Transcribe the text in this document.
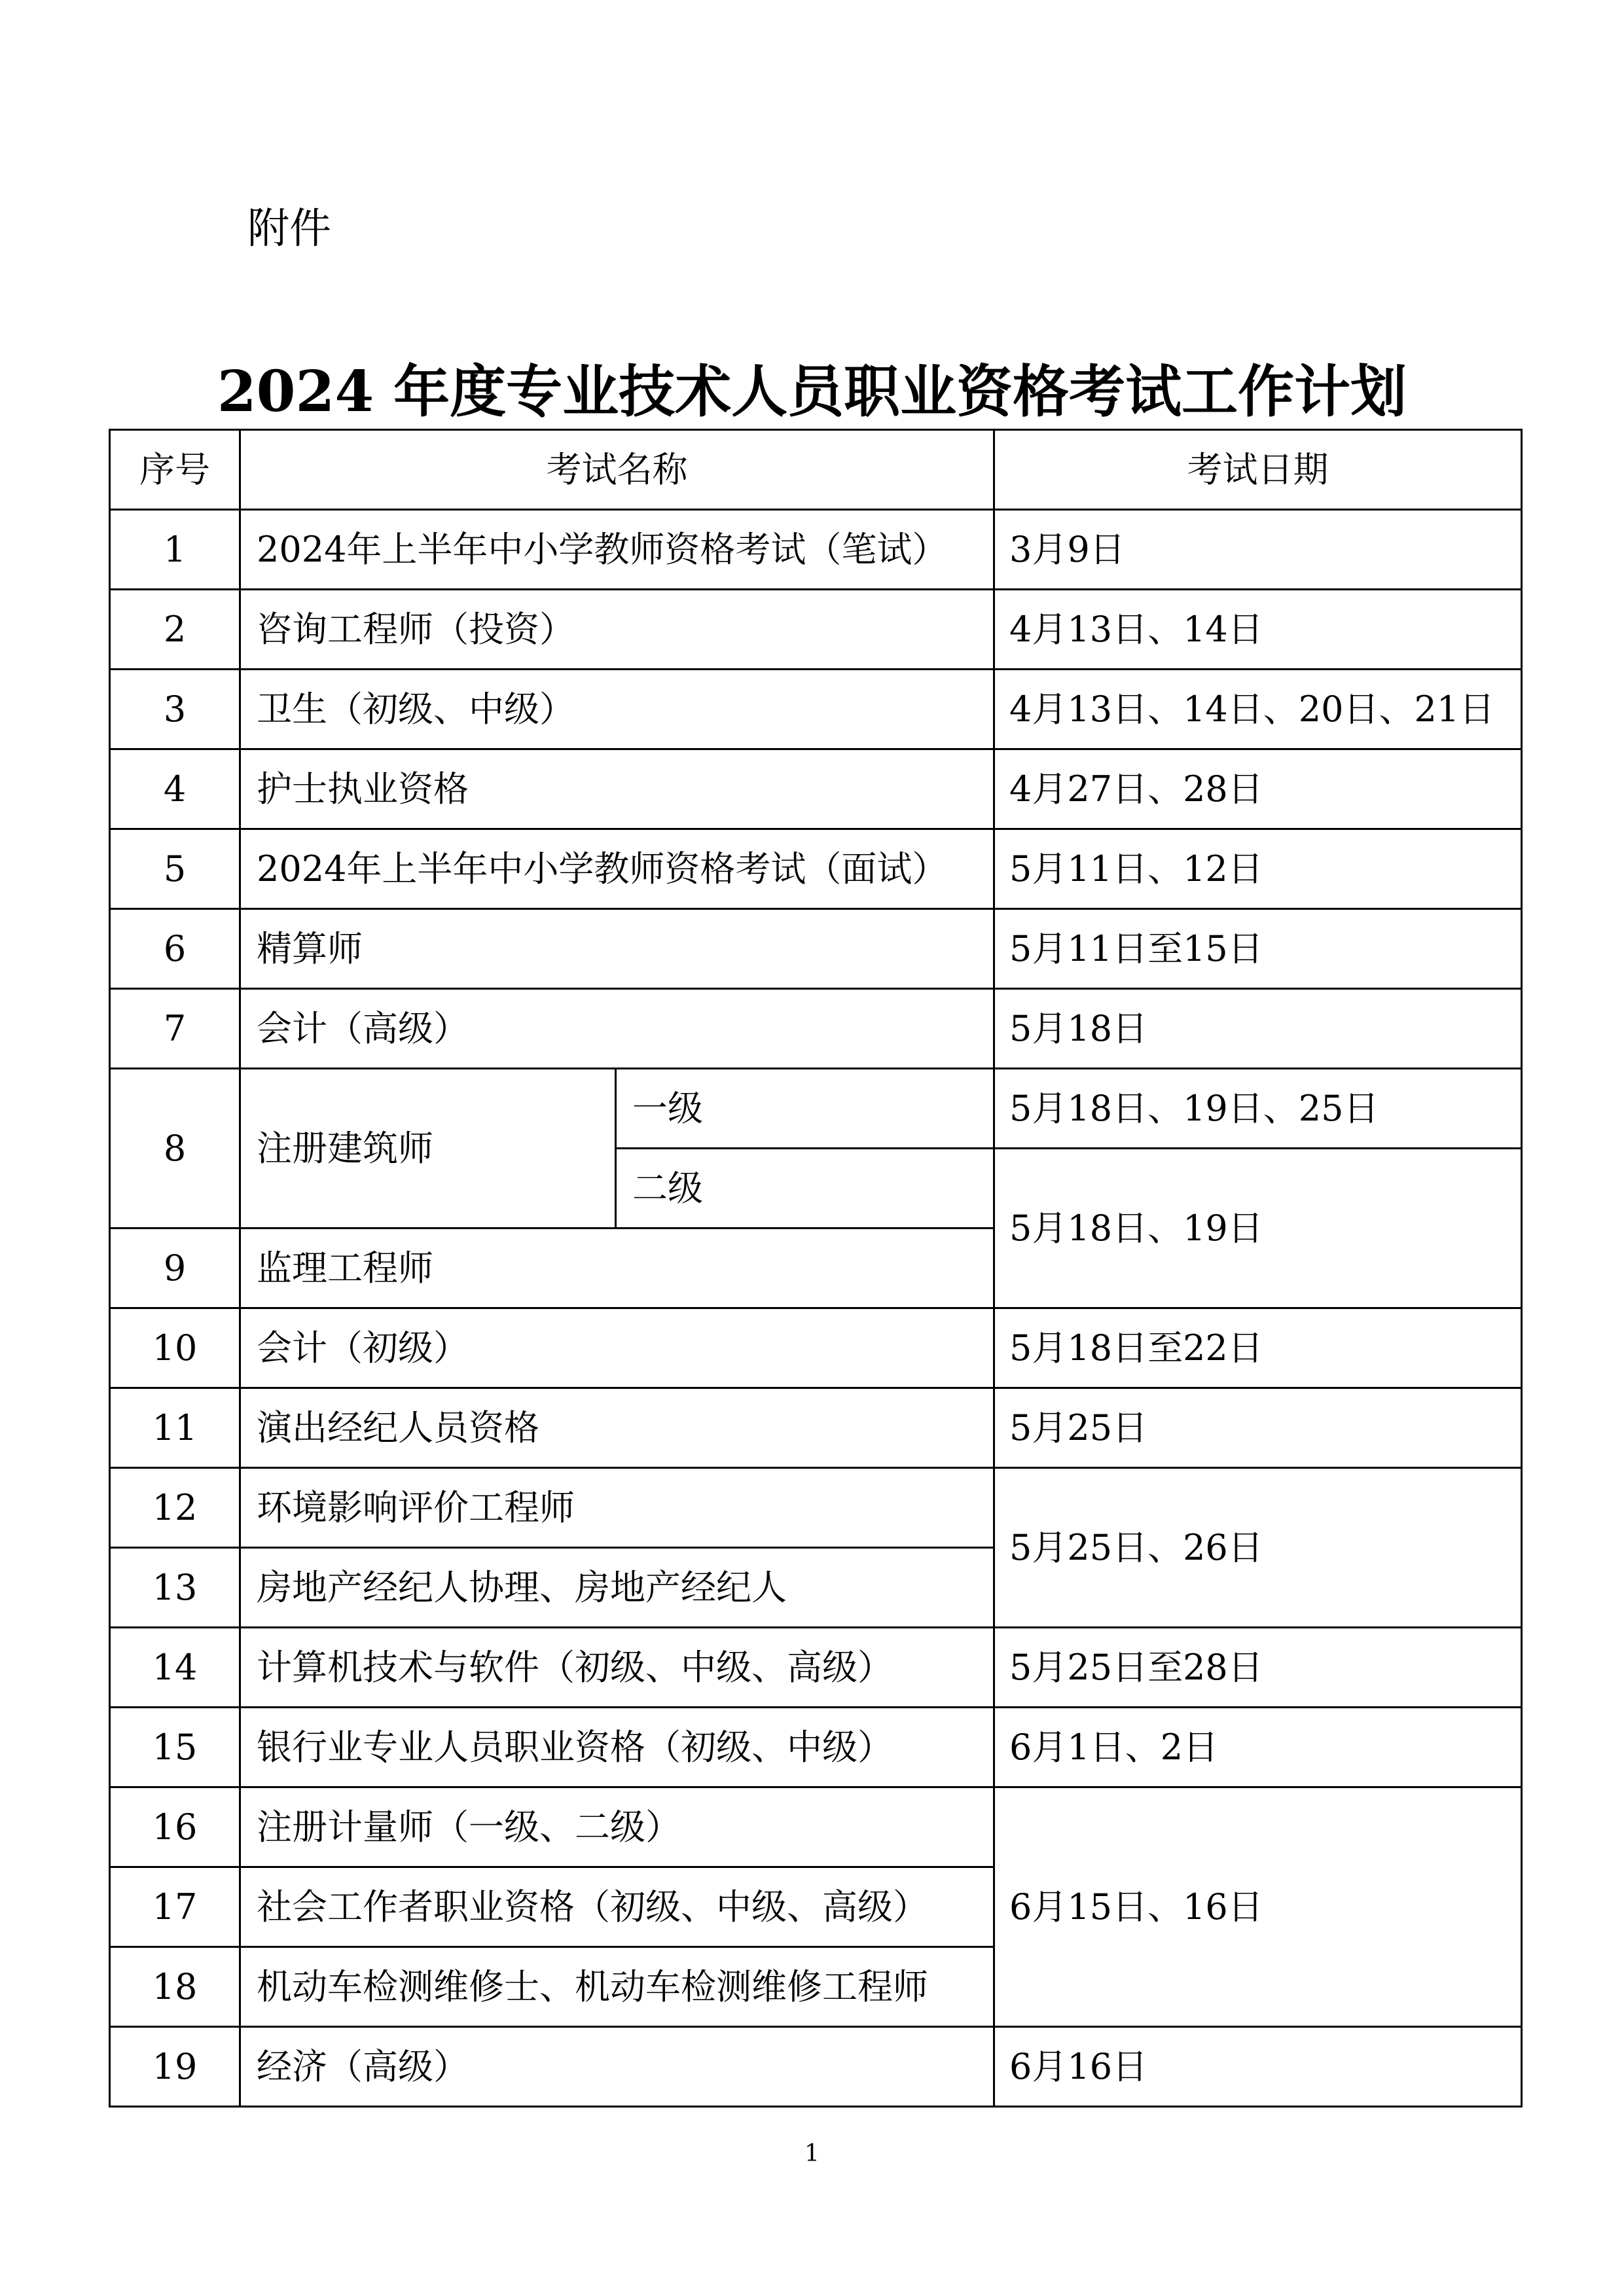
附件
2024 年度专业技术人员职业资格考试工作计划
序号	考试名称		考试日期
1	2024年上半年中小学教师资格考试（笔试）		3月9日
2	咨询工程师（投资）		4月13日、14日
3	卫生（初级、中级）		4月13日、14日、20日、21日
4	护士执业资格		4月27日、28日
5	2024年上半年中小学教师资格考试（面试）		5月11日、12日
6	精算师		5月11日至15日
7	会计（高级）		5月18日
8	注册建筑师	一级	5月18日、19日、25日
		二级	5月18日、19日
9	监理工程师		
10	会计（初级）		5月18日至22日
11	演出经纪人员资格		5月25日
12	环境影响评价工程师		5月25日、26日
13	房地产经纪人协理、房地产经纪人		
14	计算机技术与软件（初级、中级、高级）		5月25日至28日
15	银行业专业人员职业资格（初级、中级）		6月1日、2日
16	注册计量师（一级、二级）		6月15日、16日
17	社会工作者职业资格（初级、中级、高级）		
18	机动车检测维修士、机动车检测维修工程师		
19	经济（高级）		6月16日
1
